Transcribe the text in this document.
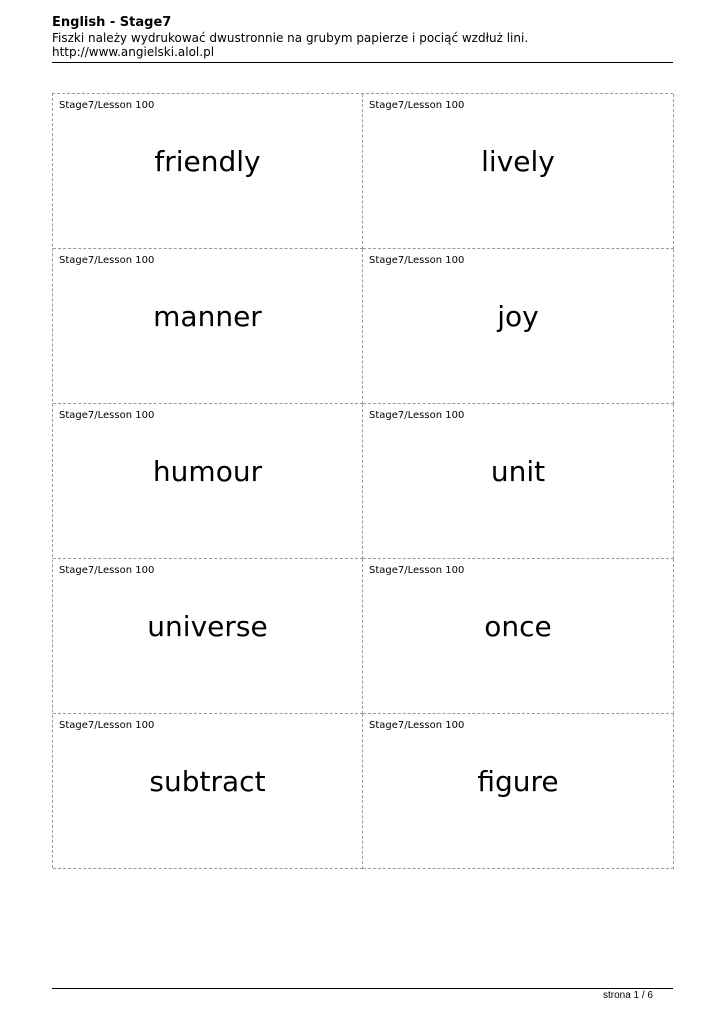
English - Stage7

Fiszki należy wydrukować dwustronnie na grubym papierze i pociąć wzdłuż lini.

http://www.angielski.alol.pl

Stage7/Lesson 100
friendly
Stage7/Lesson 100
lively
Stage7/Lesson 100
manner
Stage7/Lesson 100
joy
Stage7/Lesson 100
humour
Stage7/Lesson 100
unit
Stage7/Lesson 100
universe
Stage7/Lesson 100
once
Stage7/Lesson 100
subtract
Stage7/Lesson 100
figure
strona 1 / 6
